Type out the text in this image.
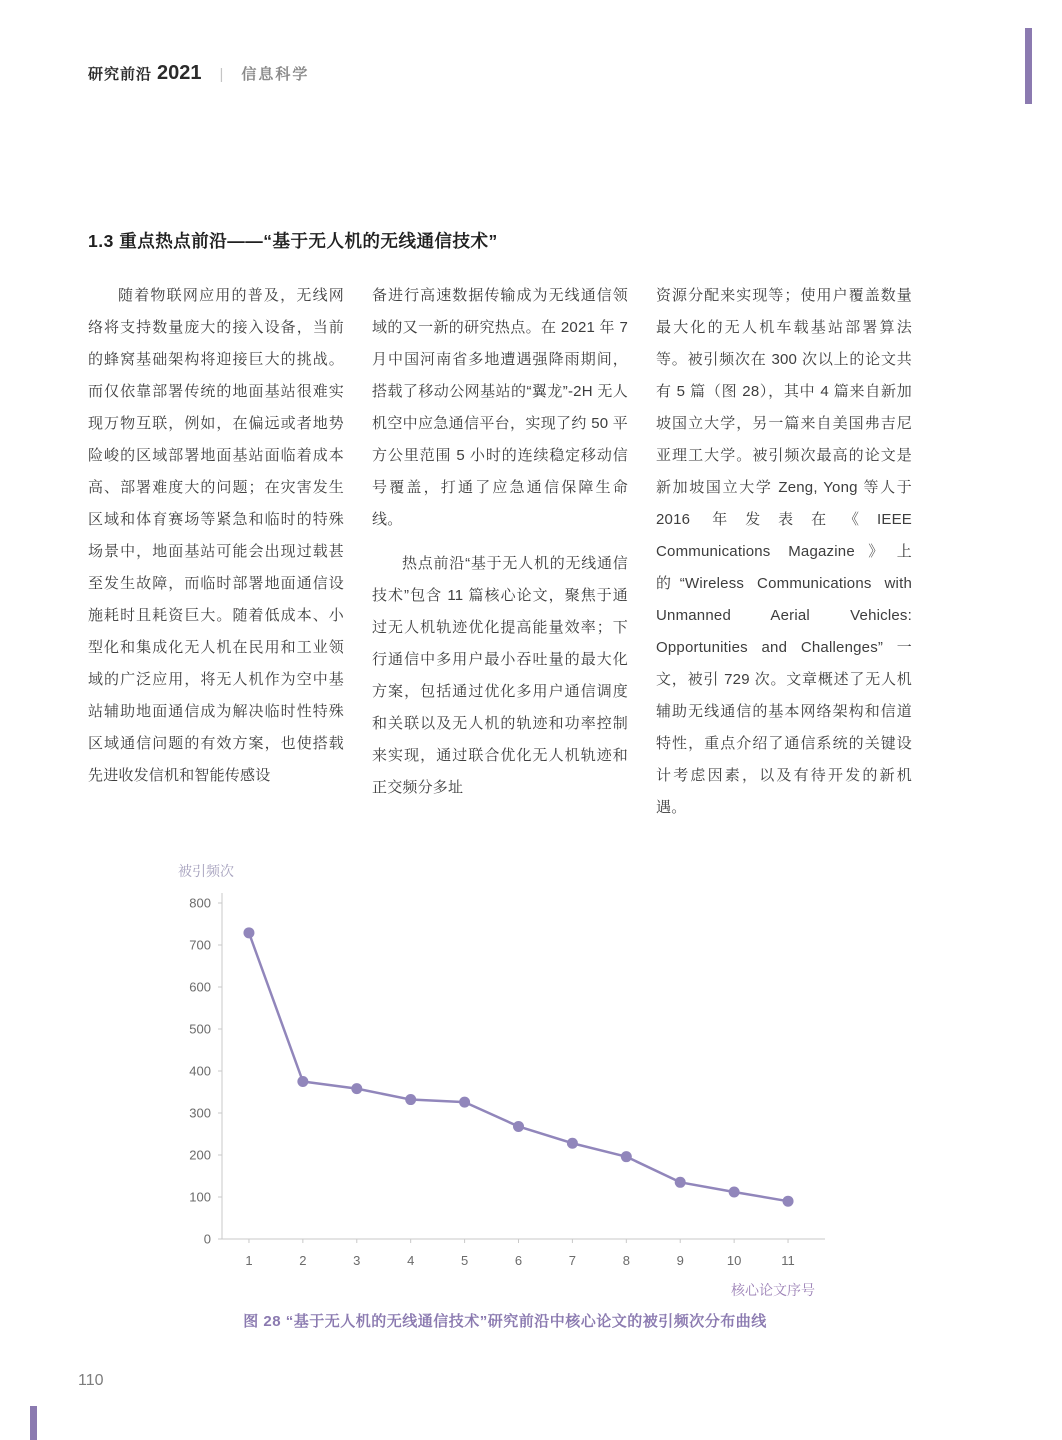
研究前沿 2021 | 信息科学
1.3 重点热点前沿——“基于无人机的无线通信技术”

随着物联网应用的普及，无线网络将支持数量庞大的接入设备，当前的蜂窝基础架构将迎接巨大的挑战。而仅依靠部署传统的地面基站很难实现万物互联，例如，在偏远或者地势险峻的区域部署地面基站面临着成本高、部署难度大的问题；在灾害发生区域和体育赛场等紧急和临时的特殊场景中，地面基站可能会出现过载甚至发生故障，而临时部署地面通信设施耗时且耗资巨大。随着低成本、小型化和集成化无人机在民用和工业领域的广泛应用，将无人机作为空中基站辅助地面通信成为解决临时性特殊区域通信问题的有效方案，也使搭载先进收发信机和智能传感设

备进行高速数据传输成为无线通信领域的又一新的研究热点。在 2021 年 7 月中国河南省多地遭遇强降雨期间，搭载了移动公网基站的“翼龙”-2H 无人机空中应急通信平台，实现了约 50 平方公里范围 5 小时的连续稳定移动信号覆盖，打通了应急通信保障生命线。

热点前沿“基于无人机的无线通信技术”包含 11 篇核心论文，聚焦于通过无人机轨迹优化提高能量效率；下行通信中多用户最小吞吐量的最大化方案，包括通过优化多用户通信调度和关联以及无人机的轨迹和功率控制来实现，通过联合优化无人机轨迹和正交频分多址

资源分配来实现等；使用户覆盖数量最大化的无人机车载基站部署算法等。被引频次在 300 次以上的论文共有 5 篇（图 28），其中 4 篇来自新加坡国立大学，另一篇来自美国弗吉尼亚理工大学。被引频次最高的论文是新加坡国立大学 Zeng, Yong 等人于 2016 年发表在《IEEE Communications Magazine》上的“Wireless Communications with Unmanned Aerial Vehicles: Opportunities and Challenges” 一文，被引 729 次。文章概述了无人机辅助无线通信的基本网络架构和信道特性，重点介绍了通信系统的关键设计考虑因素，以及有待开发的新机遇。

0
100
200
300
400
500
600
700
800
1	2	3	4	5	6	7	8	9	10	11
被引频次
核心论文序号
图 28 “基于无人机的无线通信技术”研究前沿中核心论文的被引频次分布曲线
110
